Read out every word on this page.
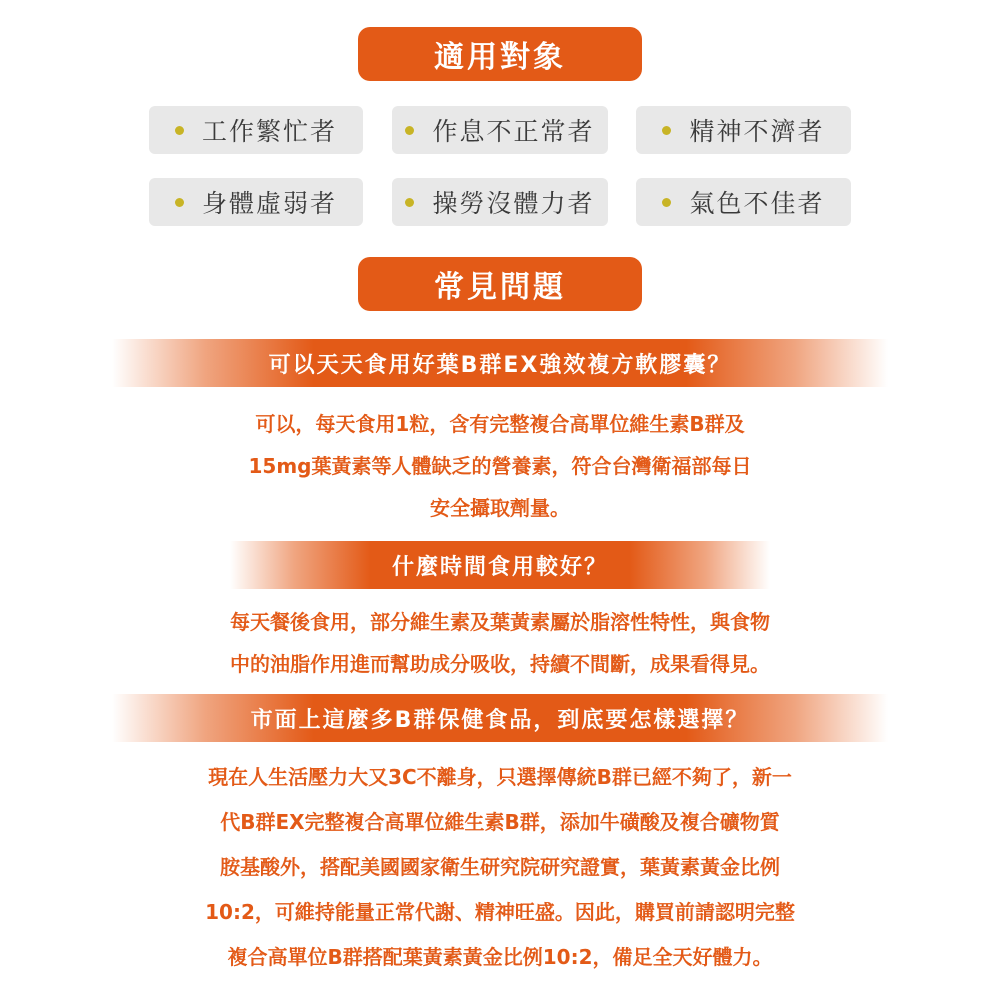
適用對象
工作繁忙者	作息不正常者	精神不濟者
身體虛弱者	操勞沒體力者	氣色不佳者
常見問題
可以天天食用好葉B群EX強效複方軟膠囊？
可以，每天食用1粒，含有完整複合高單位維生素B群及
15mg葉黃素等人體缺乏的營養素，符合台灣衛福部每日
安全攝取劑量。
什麼時間食用較好？
每天餐後食用，部分維生素及葉黃素屬於脂溶性特性，與食物
中的油脂作用進而幫助成分吸收，持續不間斷，成果看得見。
市面上這麼多B群保健食品，到底要怎樣選擇？
現在人生活壓力大又3C不離身，只選擇傳統B群已經不夠了，新一
代B群EX完整複合高單位維生素B群，添加牛磺酸及複合礦物質
胺基酸外，搭配美國國家衛生研究院研究證實，葉黃素黃金比例
10:2，可維持能量正常代謝、精神旺盛。因此，購買前請認明完整
複合高單位B群搭配葉黃素黃金比例10:2，備足全天好體力。
